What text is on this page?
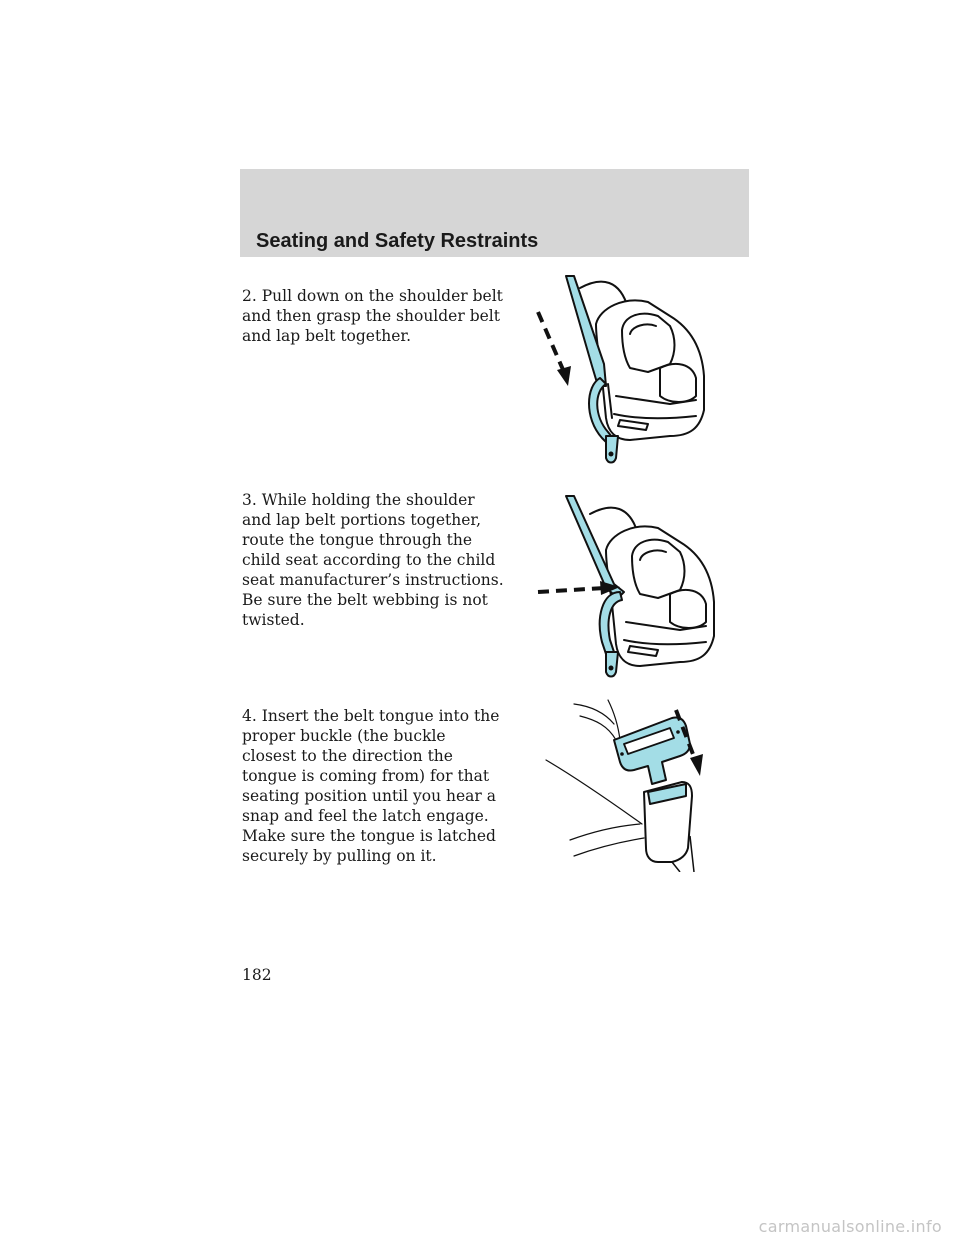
Seating and Safety Restraints

2. Pull down on the shoulder belt and then grasp the shoulder belt and lap belt together.

3. While holding the shoulder and lap belt portions together, route the tongue through the child seat according to the child seat manufacturer’s instructions. Be sure the belt webbing is not twisted.

4. Insert the belt tongue into the proper buckle (the buckle closest to the direction the tongue is coming from) for that seating position until you hear a snap and feel the latch engage. Make sure the tongue is latched securely by pulling on it.

182

carmanualsonline.info
